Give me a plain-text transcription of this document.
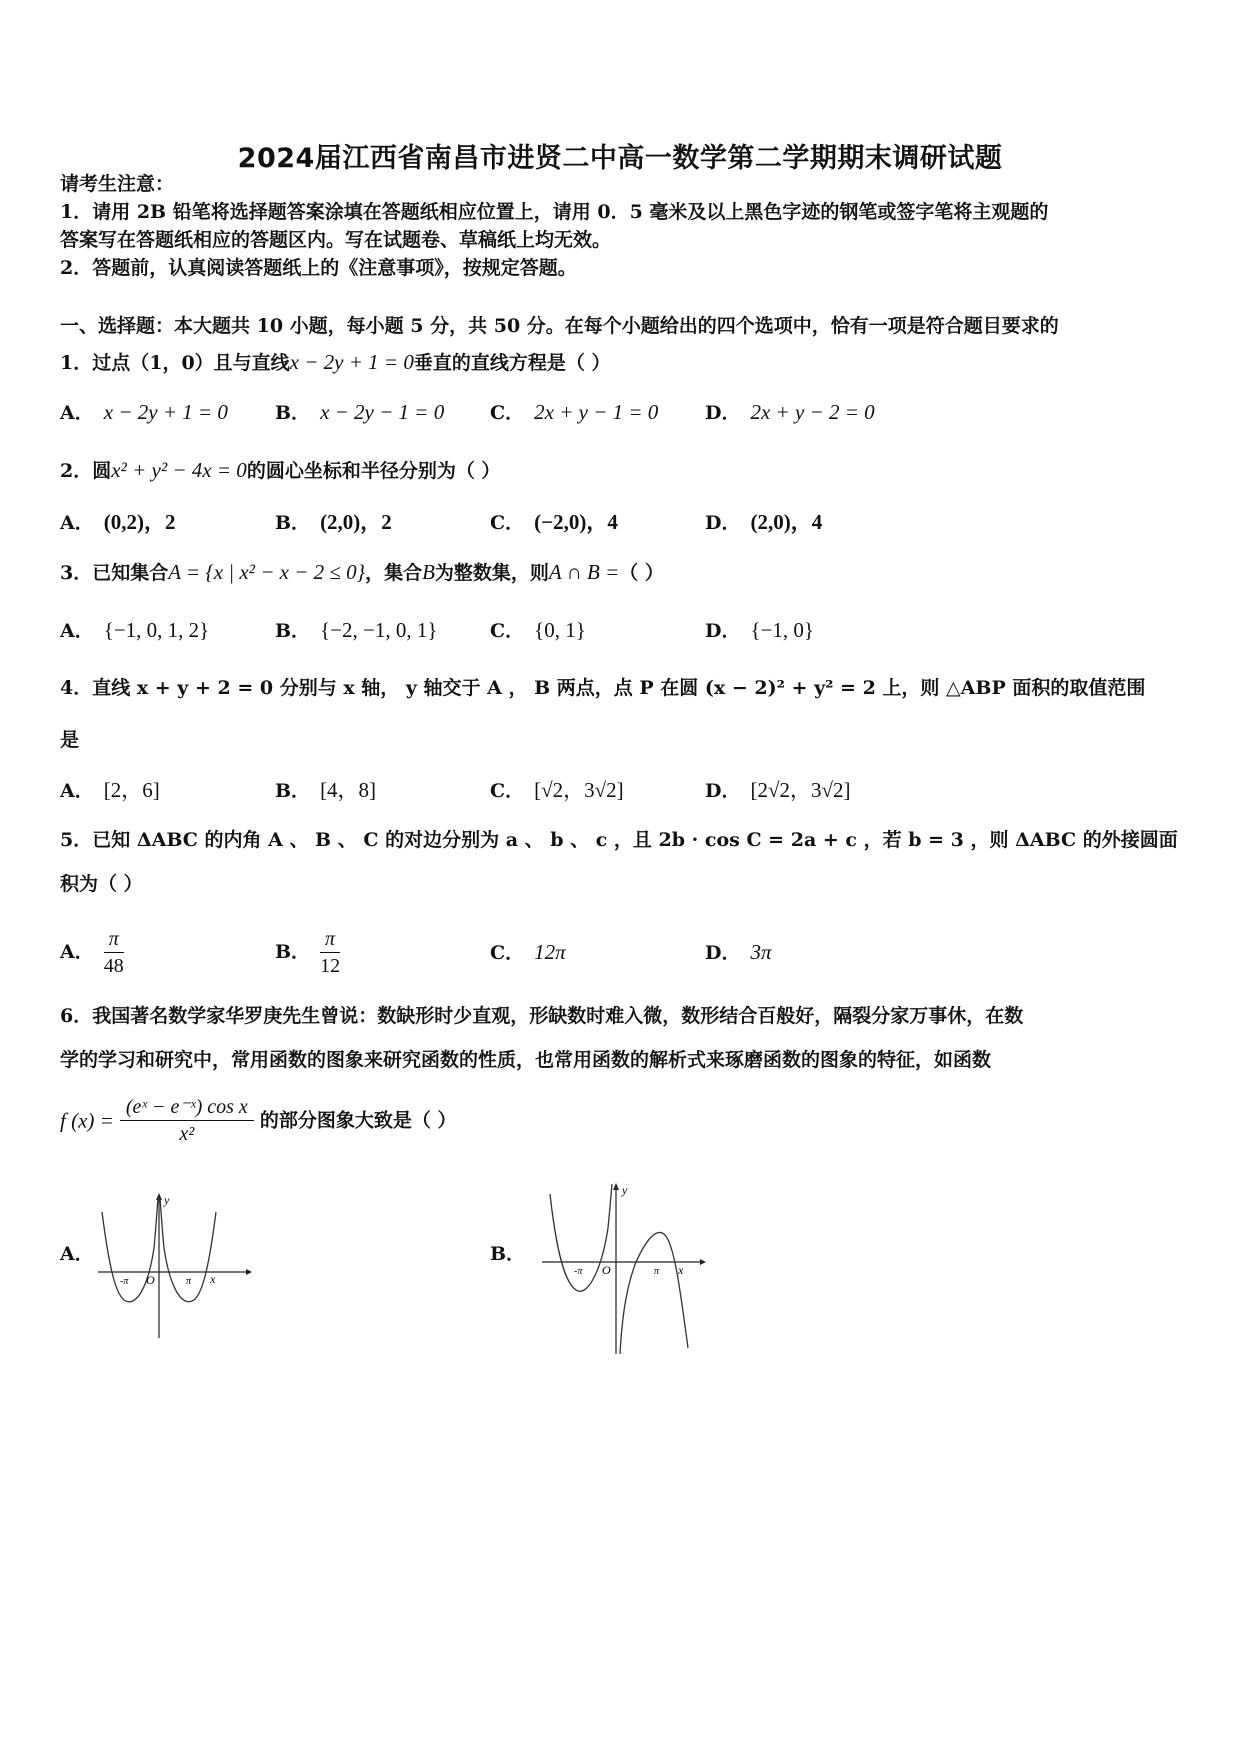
2024届江西省南昌市进贤二中高一数学第二学期期末调研试题
请考生注意：
1．请用 2B 铅笔将选择题答案涂填在答题纸相应位置上，请用 0．5 毫米及以上黑色字迹的钢笔或签字笔将主观题的
答案写在答题纸相应的答题区内。写在试题卷、草稿纸上均无效。
2．答题前，认真阅读答题纸上的《注意事项》，按规定答题。
一、选择题：本大题共 10 小题，每小题 5 分，共 50 分。在每个小题给出的四个选项中，恰有一项是符合题目要求的
1．过点（1，0）且与直线x − 2y + 1 = 0垂直的直线方程是（ ）
A． x − 2y + 1 = 0 B． x − 2y − 1 = 0 C． 2x + y − 1 = 0 D． 2x + y − 2 = 0
2．圆x² + y² − 4x = 0的圆心坐标和半径分别为（ ）
A． (0,2)，2	B． (2,0)，2	C． (−2,0)，4	D． (2,0)，4
3．已知集合A = {x | x² − x − 2 ≤ 0}，集合B为整数集，则A ∩ B =（ ）
A． {−1, 0, 1, 2}	B． {−2, −1, 0, 1}	C． {0, 1}	D． {−1, 0}
4．直线 x + y + 2 = 0 分别与 x 轴， y 轴交于 A ， B 两点，点 P 在圆 (x − 2)² + y² = 2 上，则 △ABP 面积的取值范围
是
A． [2，6]	B． [4，8]	C． [√2，3√2]	D． [2√2，3√2]
5．已知 ΔABC 的内角 A 、 B 、 C 的对边分别为 a 、 b 、 c ，且 2b · cos C = 2a + c ，若 b = 3 ，则 ΔABC 的外接圆面
积为（ ）
A． $\frac{\pi}{48}$	B． $\frac{\pi}{12}$	C． 12π	D． 3π
6．我国著名数学家华罗庚先生曾说：数缺形时少直观，形缺数时难入微，数形结合百般好，隔裂分家万事休，在数
学的学习和研究中，常用函数的图象来研究函数的性质，也常用函数的解析式来琢磨函数的图象的特征，如函数
f $(x) = \frac{\text{(eˣ − e⁻ˣ) cos x}}{\text{x²}}$ 的部分图象大致是（ ）
A．
y
x
O
-π	π
B．
y
x
O
-π	π
